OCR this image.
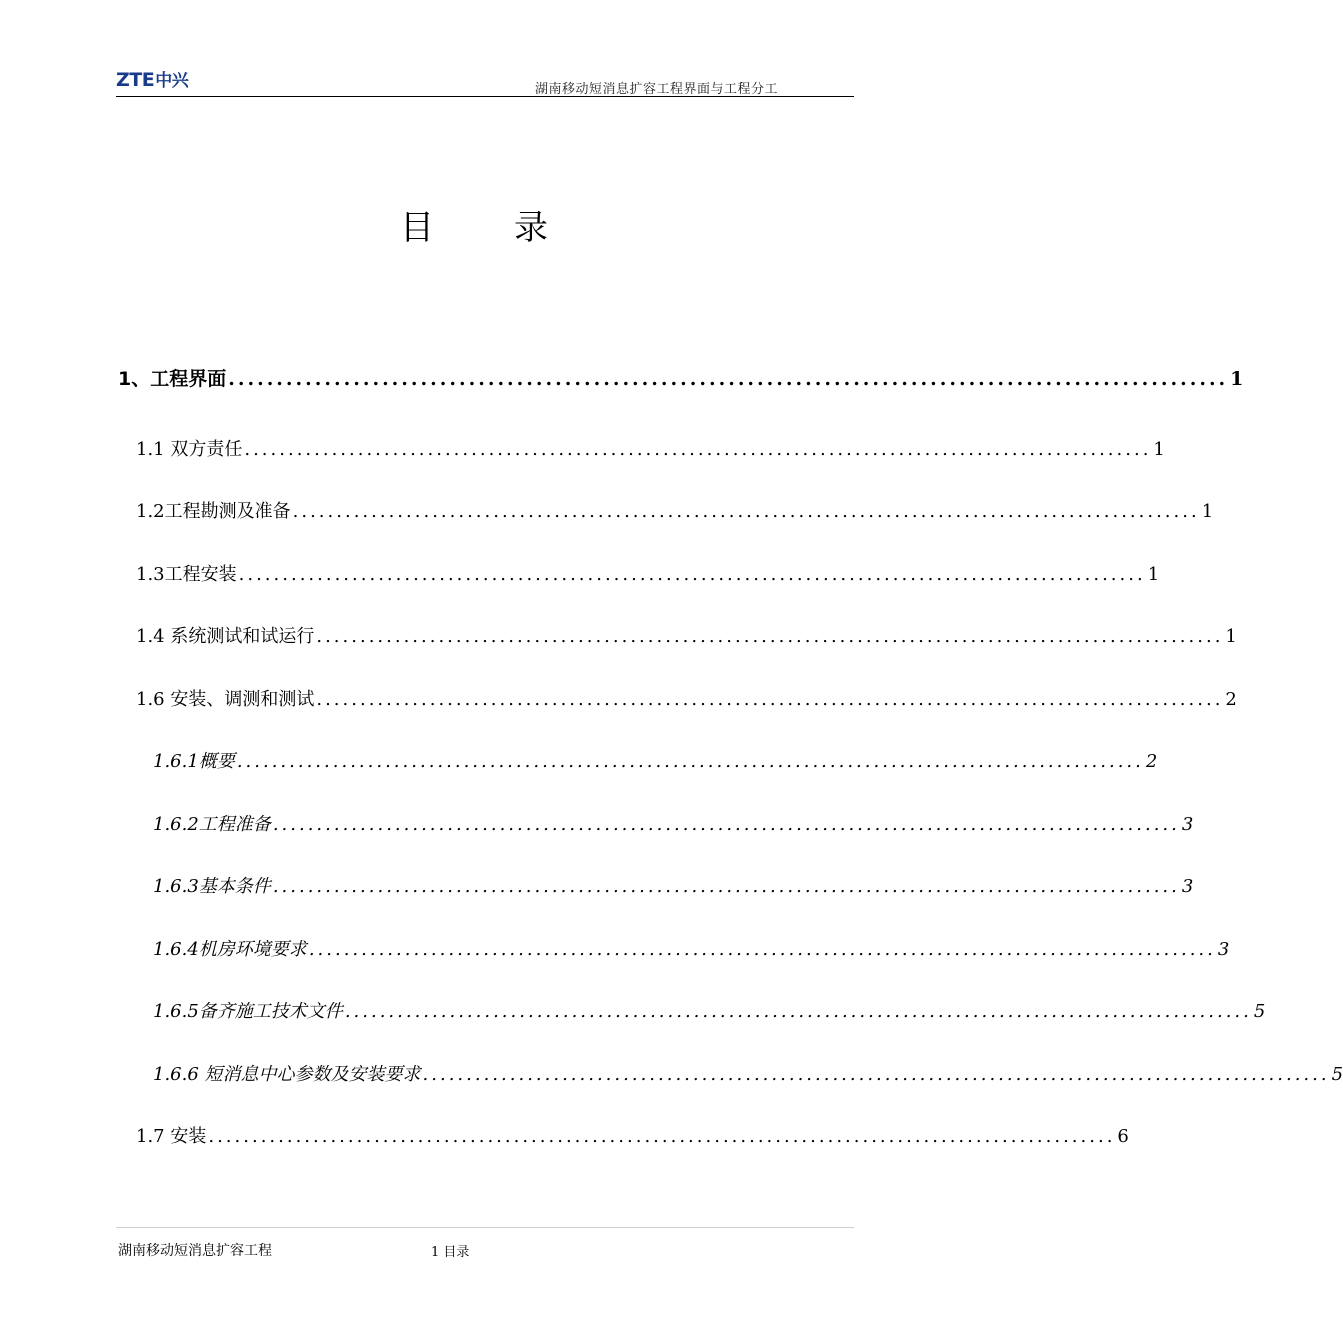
ZTE中兴	湖南移动短消息扩容工程界面与工程分工
目 录
1、工程界面 ........................................................................................................ 1
1.1 双方责任 ........................................................................................................ 1
1.2工程勘测及准备 ........................................................................................................ 1
1.3工程安装 ........................................................................................................ 1
1.4 系统测试和试运行 ........................................................................................................ 1
1.6 安装、调测和测试 ........................................................................................................ 2
1.6.1概要 ........................................................................................................ 2
1.6.2工程准备 ........................................................................................................ 3
1.6.3基本条件 ........................................................................................................ 3
1.6.4机房环境要求 ........................................................................................................ 3
1.6.5备齐施工技术文件 ........................................................................................................ 5
1.6.6 短消息中心参数及安装要求 ........................................................................................................ 5
1.7 安装 ........................................................................................................ 6
湖南移动短消息扩容工程	1 目录
